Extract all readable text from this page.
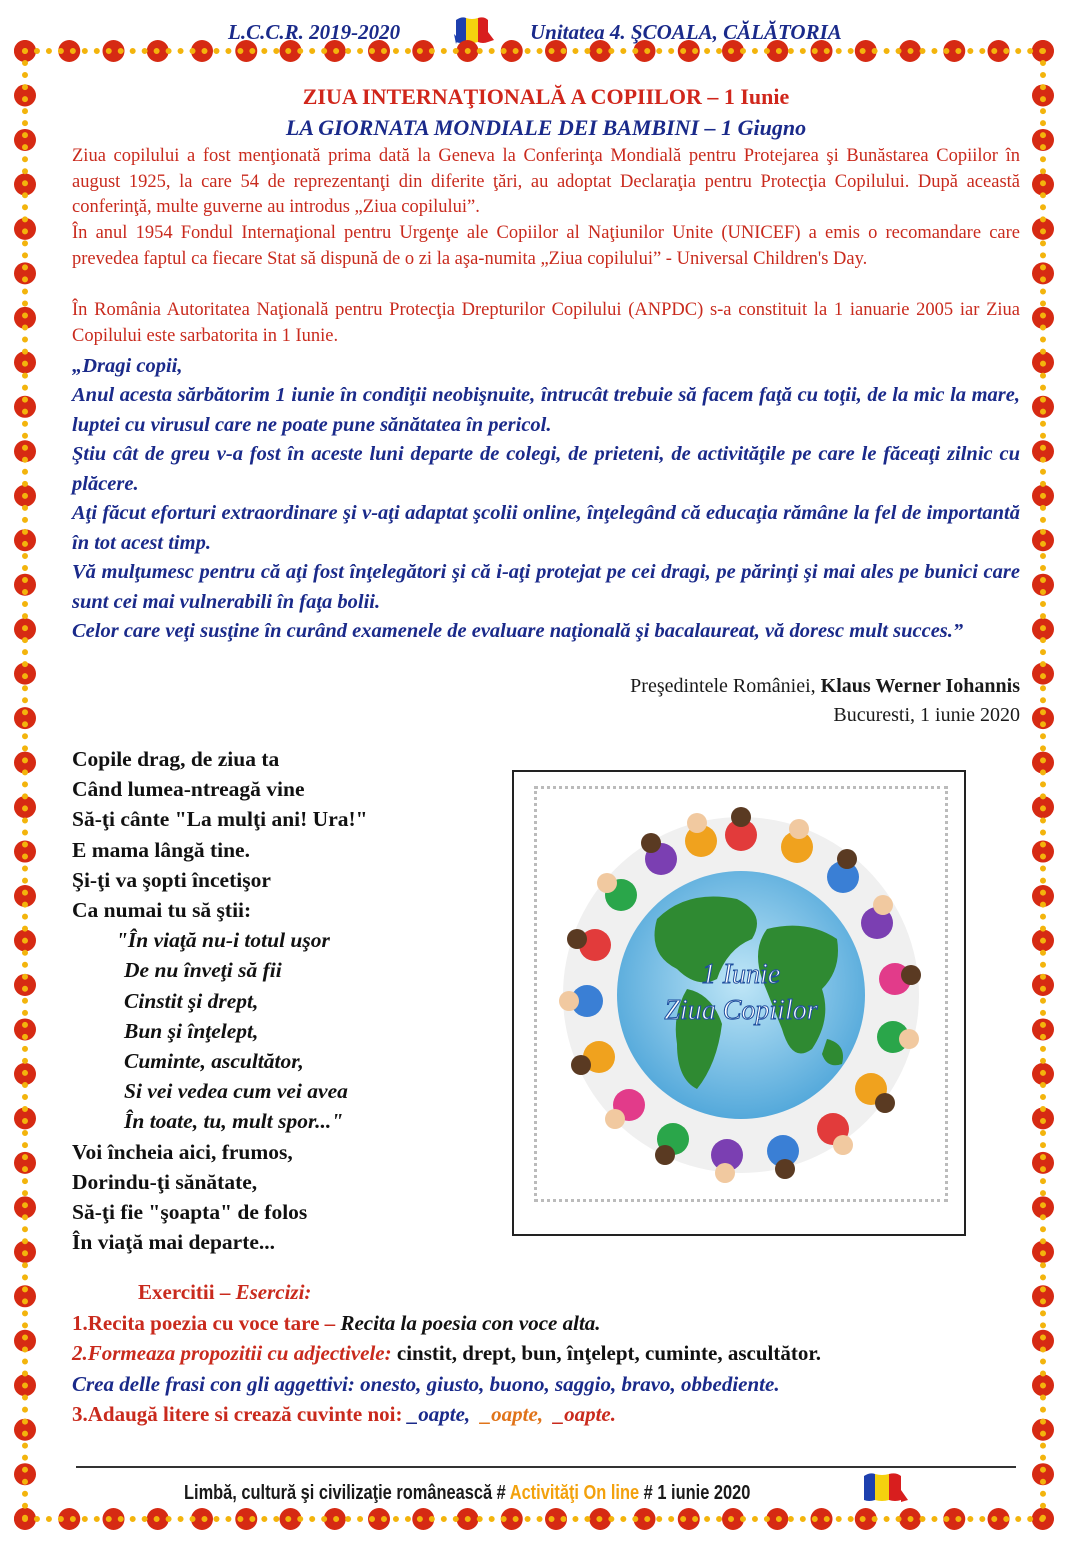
L.C.C.R. 2019-2020	Unitatea 4. ŞCOALA, CĂLĂTORIA
ZIUA INTERNAŢIONALĂ A COPIILOR – 1 Iunie
LA GIORNATA MONDIALE DEI BAMBINI – 1 Giugno
Ziua copilului a fost menţionată prima dată la Geneva la Conferinţa Mondială pentru Protejarea şi Bunăstarea Copiilor în august 1925, la care 54 de reprezentanţi din diferite ţări, au adoptat Declaraţia pentru Protecţia Copilului. După această conferinţă, multe guverne au introdus „Ziua copilului”.
În anul 1954 Fondul Internaţional pentru Urgenţe ale Copiilor al Naţiunilor Unite (UNICEF) a emis o recomandare care prevedea faptul ca fiecare Stat să dispună de o zi la aşa-numita „Ziua copilului” - Universal Children's Day.
În România Autoritatea Naţională pentru Protecţia Drepturilor Copilului (ANPDC) s-a constituit la 1 ianuarie 2005 iar Ziua Copilului este sarbatorita in 1 Iunie.
„Dragi copii,
Anul acesta sărbătorim 1 iunie în condiţii neobişnuite, întrucât trebuie să facem faţă cu toţii, de la mic la mare, luptei cu virusul care ne poate pune sănătatea în pericol.
Ştiu cât de greu v-a fost în aceste luni departe de colegi, de prieteni, de activităţile pe care le făceaţi zilnic cu plăcere.
Aţi făcut eforturi extraordinare şi v-aţi adaptat şcolii online, înţelegând că educaţia rămâne la fel de importantă în tot acest timp.
Vă mulţumesc pentru că aţi fost înţelegători şi că i-aţi protejat pe cei dragi, pe părinţi şi mai ales pe bunici care sunt cei mai vulnerabili în faţa bolii.
Celor care veţi susţine în curând examenele de evaluare naţională şi bacalaureat, vă doresc mult succes.”
Preşedintele României, Klaus Werner Iohannis
Bucuresti, 1 iunie 2020
Copile drag, de ziua ta
Când lumea-ntreagă vine
Să-ţi cânte "La mulţi ani! Ura!"
E mama lângă tine.
Şi-ţi va şopti încetişor
Ca numai tu să ştii:
"În viaţă nu-i totul uşor
De nu înveţi să fii
Cinstit şi drept,
Bun şi înţelept,
Cuminte, ascultător,
Si vei vedea cum vei avea
În toate, tu, mult spor..."
Voi încheia aici, frumos,
Dorindu-ţi sănătate,
Să-ţi fie "şoapta" de folos
În viaţă mai departe...
1 Iunie
Ziua Copiilor
Exercitii – Esercizi:
1.Recita poezia cu voce tare – Recita la poesia con voce alta.
2.Formeaza propozitii cu adjectivele: cinstit, drept, bun, înţelept, cuminte, ascultător.
Crea delle frasi con gli aggettivi: onesto, giusto, buono, saggio, bravo, obbediente.
3.Adaugă litere si crează cuvinte noi: _oapte, _oapte, _oapte.
Limbă, cultură şi civilizaţie românească # Activităţi On line # 1 iunie 2020
